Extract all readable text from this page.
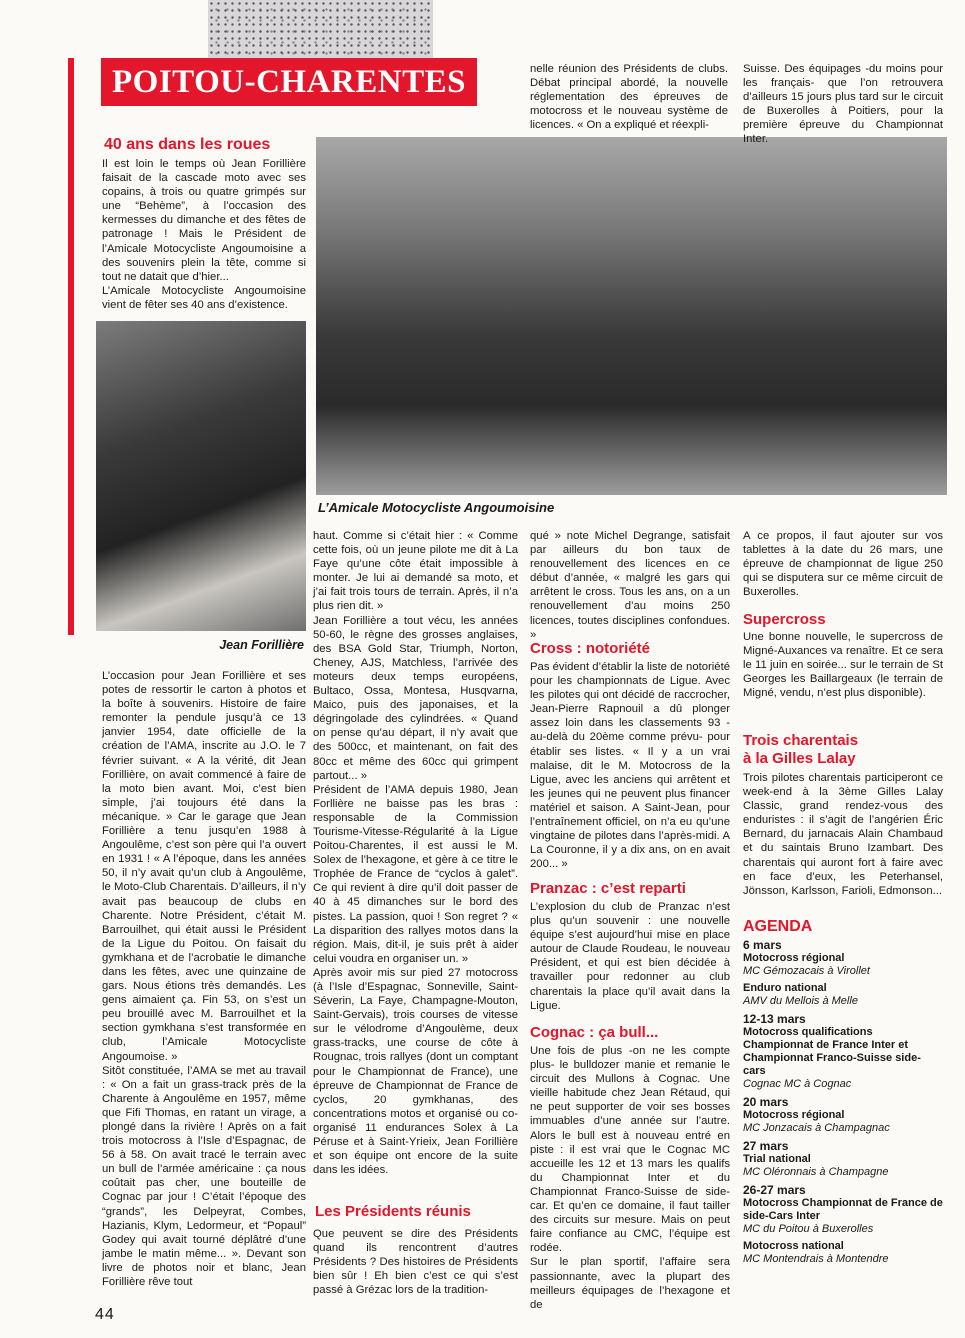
POITOU-CHARENTES
40 ans dans les roues

Il est loin le temps où Jean Forillière faisait de la cascade moto avec ses copains, à trois ou quatre grimpés sur une “Behème”, à l’occasion des kermesses du dimanche et des fêtes de patronage ! Mais le Président de l’Amicale Motocycliste Angoumoisine a des souvenirs plein la tête, comme si tout ne datait que d’hier...
L’Amicale Motocycliste Angoumoisine vient de fêter ses 40 ans d’existence.

Jean Forillière

L’occasion pour Jean Forillière et ses potes de ressortir le carton à photos et la boîte à souvenirs. Histoire de faire remonter la pendule jusqu’à ce 13 janvier 1954, date officielle de la création de l’AMA, inscrite au J.O. le 7 février suivant. « A la vérité, dit Jean Forillière, on avait commencé à faire de la moto bien avant. Moi, c’est bien simple, j’ai toujours été dans la mécanique. » Car le garage que Jean Forillière a tenu jusqu’en 1988 à Angoulême, c’est son père qui l’a ouvert en 1931 ! « A l’époque, dans les années 50, il n’y avait qu’un club à Angoulême, le Moto-Club Charentais. D’ailleurs, il n’y avait pas beaucoup de clubs en Charente. Notre Président, c’était M. Barrouilhet, qui était aussi le Président de la Ligue du Poitou. On faisait du gymkhana et de l’acrobatie le dimanche dans les fêtes, avec une quinzaine de gars. Nous étions très demandés. Les gens aimaient ça. Fin 53, on s’est un peu brouillé avec M. Barrouilhet et la section gymkhana s’est transformée en club, l’Amicale Motocycliste Angoumoise. »
Sitôt constituée, l’AMA se met au travail : « On a fait un grass-track près de la Charente à Angoulême en 1957, même que Fifi Thomas, en ratant un virage, a plongé dans la rivière ! Après on a fait trois motocross à l’Isle d’Espagnac, de 56 à 58. On avait tracé le terrain avec un bull de l’armée américaine : ça nous coûtait pas cher, une bouteille de Cognac par jour ! C’était l’époque des “grands”, les Delpeyrat, Combes, Hazianis, Klym, Ledormeur, et “Popaul” Godey qui avait tourné déplâtré d’une jambe le matin même... ». Devant son livre de photos noir et blanc, Jean Forillière rêve tout

L’Amicale Motocycliste Angoumoisine

haut. Comme si c’était hier : « Comme cette fois, où un jeune pilote me dit à La Faye qu’une côte était impossible à monter. Je lui ai demandé sa moto, et j’ai fait trois tours de terrain. Après, il n’a plus rien dit. »
Jean Forillière a tout vécu, les années 50-60, le règne des grosses anglaises, des BSA Gold Star, Triumph, Norton, Cheney, AJS, Matchless, l’arrivée des moteurs deux temps européens, Bultaco, Ossa, Montesa, Husqvarna, Maico, puis des japonaises, et la dégringolade des cylindrées. « Quand on pense qu’au départ, il n’y avait que des 500cc, et maintenant, on fait des 80cc et même des 60cc qui grimpent partout... »
Président de l’AMA depuis 1980, Jean Forllière ne baisse pas les bras : responsable de la Commission Tourisme-Vitesse-Régularité à la Ligue Poitou-Charentes, il est aussi le M. Solex de l’hexagone, et gère à ce titre le Trophée de France de “cyclos à galet”. Ce qui revient à dire qu’il doit passer de 40 à 45 dimanches sur le bord des pistes. La passion, quoi ! Son regret ? « La disparition des rallyes motos dans la région. Mais, dit-il, je suis prêt à aider celui voudra en organiser un. »
Après avoir mis sur pied 27 motocross (à l’Isle d’Espagnac, Sonneville, Saint-Séverin, La Faye, Champagne-Mouton, Saint-Gervais), trois courses de vitesse sur le vélodrome d’Angoulème, deux grass-tracks, une course de côte à Rougnac, trois rallyes (dont un comptant pour le Championnat de France), une épreuve de Championnat de France de cyclos, 20 gymkhanas, des concentrations motos et organisé ou co-organisé 11 endurances Solex à La Péruse et à Saint-Yrieix, Jean Forillière et son équipe ont encore de la suite dans les idées.

Les Présidents réunis

Que peuvent se dire des Présidents quand ils rencontrent d’autres Présidents ? Des histoires de Présidents bien sûr ! Eh bien c’est ce qui s’est passé à Grézac lors de la tradition-

nelle réunion des Présidents de clubs. Débat principal abordé, la nouvelle réglementation des épreuves de motocross et le nouveau système de licences. « On a expliqué et réexpli-

qué » note Michel Degrange, satisfait par ailleurs du bon taux de renouvellement des licences en ce début d’année, « malgré les gars qui arrêtent le cross. Tous les ans, on a un renouvellement d’au moins 250 licences, toutes disciplines confondues. »

Cross : notoriété

Pas évident d’établir la liste de notoriété pour les championnats de Ligue. Avec les pilotes qui ont décidé de raccrocher, Jean-Pierre Rapnouil a dû plonger assez loin dans les classements 93 -au-delà du 20ème comme prévu- pour établir ses listes. « Il y a un vrai malaise, dit le M. Motocross de la Ligue, avec les anciens qui arrêtent et les jeunes qui ne peuvent plus financer matériel et saison. A Saint-Jean, pour l’entraînement officiel, on n’a eu qu’une vingtaine de pilotes dans l’après-midi. A La Couronne, il y a dix ans, on en avait 200... »

Pranzac : c’est reparti

L’explosion du club de Pranzac n’est plus qu’un souvenir : une nouvelle équipe s’est aujourd’hui mise en place autour de Claude Roudeau, le nouveau Président, et qui est bien décidée à travailler pour redonner au club charentais la place qu’il avait dans la Ligue.

Cognac : ça bull...

Une fois de plus -on ne les compte plus- le bulldozer manie et remanie le circuit des Mullons à Cognac. Une vieille habitude chez Jean Rétaud, qui ne peut supporter de voir ses bosses immuables d’une année sur l’autre. Alors le bull est à nouveau entré en piste : il est vrai que le Cognac MC accueille les 12 et 13 mars les qualifs du Championnat Inter et du Championnat Franco-Suisse de side-car. Et qu’en ce domaine, il faut tailler des circuits sur mesure. Mais on peut faire confiance au CMC, l’équipe est rodée.
Sur le plan sportif, l’affaire sera passionnante, avec la plupart des meilleurs équipages de l’hexagone et de

Suisse. Des équipages -du moins pour les français- que l’on retrouvera d’ailleurs 15 jours plus tard sur le circuit de Buxerolles à Poitiers, pour la première épreuve du Championnat Inter.

A ce propos, il faut ajouter sur vos tablettes à la date du 26 mars, une épreuve de championnat de ligue 250 qui se disputera sur ce même circuit de Buxerolles.

Supercross

Une bonne nouvelle, le supercross de Migné-Auxances va renaître. Et ce sera le 11 juin en soirée... sur le terrain de St Georges les Baillargeaux (le terrain de Migné, vendu, n’est plus disponible).

Trois charentais
à la Gilles Lalay

Trois pilotes charentais participeront ce week-end à la 3ème Gilles Lalay Classic, grand rendez-vous des enduristes : il s’agit de l’angérien Éric Bernard, du jarnacais Alain Chambaud et du saintais Bruno Izambart. Des charentais qui auront fort à faire avec en face d’eux, les Peterhansel, Jönsson, Karlsson, Farioli, Edmonson...

AGENDA
6 mars
Motocross régional
MC Gémozacais à Virollet
Enduro national
AMV du Mellois à Melle
12-13 mars
Motocross qualifications Championnat de France Inter et Championnat Franco-Suisse side-cars
Cognac MC à Cognac
20 mars
Motocross régional
MC Jonzacais à Champagnac
27 mars
Trial national
MC Oléronnais à Champagne
26-27 mars
Motocross Championnat de France de side-Cars Inter
MC du Poitou à Buxerolles
Motocross national
MC Montendrais à Montendre
44
